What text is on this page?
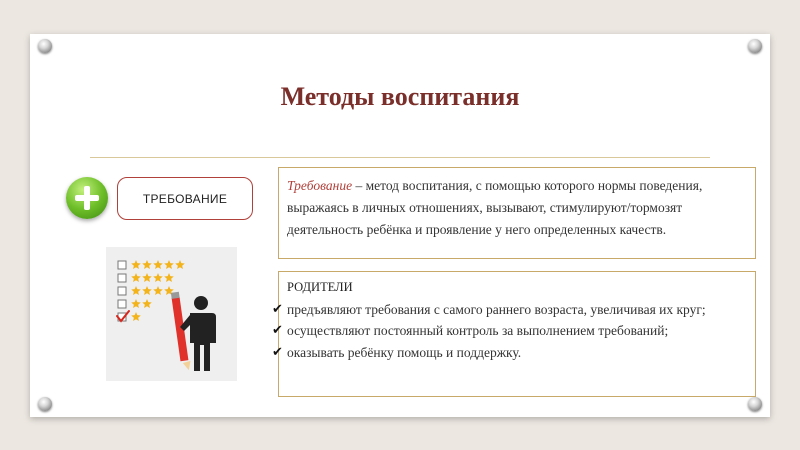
Методы воспитания
ТРЕБОВАНИЕ
Требование – метод воспитания, с помощью которого нормы поведения, выражаясь в личных отношениях, вызывают, стимулируют/тормозят деятельность ребёнка и проявление у него определенных качеств.
РОДИТЕЛИ
✔ предъявляют требования с самого раннего возраста, увеличивая их круг;
✔ осуществляют постоянный контроль за выполнением требований;
✔ оказывать ребёнку помощь и поддержку.
